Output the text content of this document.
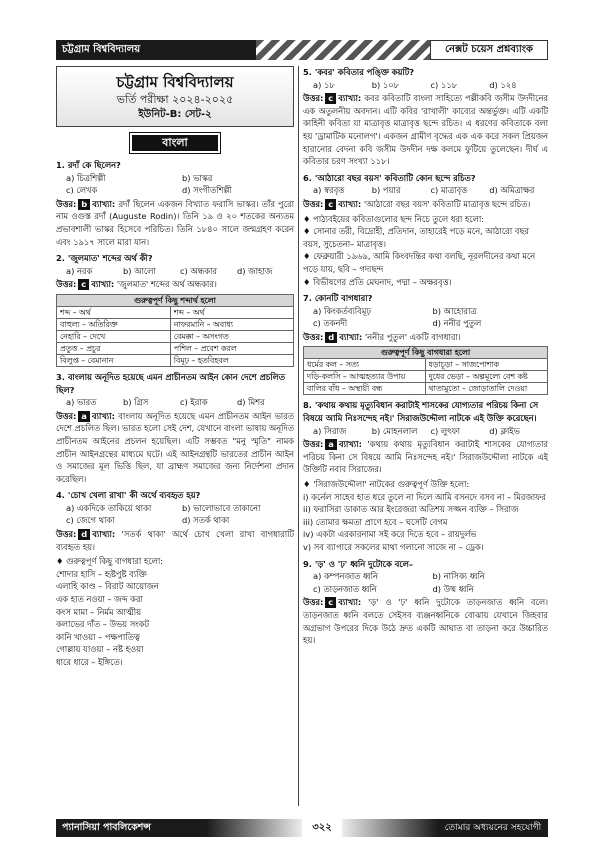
চট্টগ্রাম বিশ্ববিদ্যালয়	নেক্সট চয়েস প্রশ্নব্যাংক
চট্টগ্রাম বিশ্ববিদ্যালয়
ভর্তি পরীক্ষা ২০২৪-২০২৫
ইউনিট-B: সেট-২
বাংলা
1. রদাঁ কে ছিলেন?
a) চিত্রশিল্পী	b) ভাস্কর
c) লেখক	d) সংগীতশিল্পী
উত্তর: b ব্যাখ্যা: রদাঁ ছিলেন একজন বিখ্যাত ফরাসি ভাস্কর। তাঁর পুরো নাম ওগুস্ত রদাঁ (Auguste Rodin)। তিনি ১৯ ও ২০ শতকের অন্যতম প্রভাবশালী ভাস্কর হিসেবে পরিচিত। তিনি ১৮৪০ সালে জন্মগ্রহণ করেন এবং ১৯১৭ সালে মারা যান।
2. 'জুলমাত' শব্দের অর্থ কী?
a) নরক	b) আলো	c) অন্ধকার	d) জাহাজ
উত্তর: c ব্যাখ্যা: 'জুলমাত' শব্দের অর্থ অন্ধকার।
গুরুত্বপূর্ণ কিছু শব্দার্থ হলো	
শব্দ – অর্থ	শব্দ – অর্থ
বাহুল্য – অতিরিক্ত	নাফরমানি – অবাধ্য
নেহারি – দেখে	বেমক্কা – অসংগত
প্রতুত্ত – প্রচুর	পশিল – প্রবেশ করল
বিলুপ্ত – বেমানান	বিমূঢ় – হতবিহবল
3. বাংলায় অনূদিত হয়েছে এমন প্রাচীনতম আইন কোন দেশে প্রচলিত ছিল?
a) ভারত	b) গ্রিস	c) ইরাক	d) মিশর
উত্তর: a ব্যাখ্যা: বাংলায় অনূদিত হয়েছে এমন প্রাচীনতম আইন ভারত দেশে প্রচলিত ছিল। ভারত হলো সেই দেশ, যেখানে বাংলা ভাষায় অনূদিত প্রাচীনতম আইনের প্রচলন হয়েছিল। এটি সম্ভবত "মনু স্মৃতি" নামক প্রাচীন আইনগ্রন্থের মাধ্যমে ঘটে। এই আইনগ্রন্থটি ভারতের প্রাচীন আইন ও সমাজের মূল ভিত্তি ছিল, যা ব্রাহ্মণ সমাজের জন্য নির্দেশনা প্রদান করেছিল।
4. 'চোখ খেলা রাখা' কী অর্থে ব্যবহৃত হয়?
a) একদিকে তাকিয়ে থাকা	b) ভালোভাবে তাকানো
c) জেগে থাকা	d) সতর্ক থাকা
উত্তর: d ব্যাখ্যা: 'সতর্ক থাকা' অর্থে চোখ খেলা রাখা বাগধারাটি ব্যবহৃত হয়।
♦ গুরুত্বপূর্ণ কিছু বাগধারা হলো:
শোদার হাসি – হৃষ্টপুষ্ট ব্যক্তি
এলাহি কাণ্ড – বিরাট আয়োজন
এক হাত নওয়া – জব্দ করা
কংস মামা – নির্মম আত্মীয়
কলাভের দাঁত – উভয় সংকট
কানি খাওয়া – পক্ষপাতিত্ব
গোল্লায় যাওয়া – নষ্ট হওয়া
ধারে ধারে – ইঙ্গিতে।
5. 'কবর' কবিতার পঙ্ক্তি কয়টি?
a) ১৮	b) ১০৮	c) ১১৮	d) ১২৪
উত্তর: c ব্যাখ্যা: কবর কবিতাটি বাংলা সাহিত্যে পল্লীকবি জসীম উদদীনের এক অতুলনীয় অবদান। এটি কবির 'রাখালী' কাব্যের অন্তর্ভুক্ত। এটি একটি কাহিনী কবিতা যা মাত্রাবৃত্ত মাত্রাবৃত্ত ছন্দে রচিত। এ ধরণের কবিতাকে বলা হয় 'ড্রামাটিক মনোলগ'। একজন গ্রামীণ বৃদ্ধের এক এক করে সকল প্রিয়জন হারানোর বেদনা কবি জসীম উদদীন দক্ষ কলমে ফুটিয়ে তুলেছেন। দীর্ঘ এ কবিতার চরণ সংখ্যা ১১৮।
6. 'আঠারো বছর বয়স' কবিতাটি কোন ছন্দে রচিত?
a) স্বরবৃত্ত	b) পয়ার	c) মাত্রাবৃত্ত	d) অমিত্রাক্ষর
উত্তর: c ব্যাখ্যা: 'আঠারো বছর বয়স' কবিতাটি মাত্রাবৃত্ত ছন্দে রচিত।
♦ পাঠ্যবইয়ের কবিতাগুলোর ছন্দ নিচে তুলে ধরা হলো:
♦ সোনার তরী, বিদ্রোহী, প্রতিদান, তাহারেই পড়ে মনে, আঠারো বছর বয়স, সুচেতনা– মাত্রাবৃত্ত।
♦ ফেব্রুয়ারী ১৯৬৯, আমি কিংবদন্তির কথা বলছি, নূরলদীনের কথা মনে পড়ে যায়, ছবি – গদ্যছন্দ
♦ বিভীষণের প্রতি মেঘনাদ, পদ্মা – অক্ষরবৃত্ত।
7. কোনটি বাগধারা?
a) কিংকর্তব্যবিমূঢ়	b) আহোরাত্র
c) তকনদী	d) ননীর পুতুল
উত্তর: d ব্যাখ্যা: 'ননীর পুতুল' একটি বাগধারা।
গুরুত্বপূর্ণ কিছু বাগধারা হলো	
ধর্মের কল – সত্য	ধড়াচূড়া – সাজপোশাক
দড়ি-কলসি – আত্মহত্যার উপায়	দুধের ভেড়া – অল্পমূল্যে বেশ কষ্ট
বালির বাঁধ – অস্থায়ী বন্ধ	থাতামুতো – জোড়াতালি দেওয়া
8. 'কথায় কথায় মৃত্যুবিধান করাটাই শাসকের যোগ্যতার পরিচয় কিনা সে বিষয়ে আমি নিঃসন্দেহ নই।' সিরাজউদ্দৌলা নাটকে এই উক্তি করেছেন।
a) সিরাজ	b) মোহনলাল	c) লুৎফা	d) ক্লাইভ
উত্তর: a ব্যাখ্যা: 'কথায় কথায় মৃত্যুবিধান করাটাই শাসকের যোগ্যতার পরিচয় কিনা সে বিষয়ে আমি নিঃসন্দেহ নই।' সিরাজউদ্দৌলা নাটকে এই উক্তিটি নবাব সিরাজের।
♦ 'সিরাজউদ্দৌলা' নাটকের গুরুত্বপূর্ণ উক্তি হলো:
i) কর্নেল সাহেব হাত ধরে তুলে না দিলে আমি বসনদে বসব না – মিরজাফর
ii) ফরাসিরা ডাকাত আর ইংরেজরা অতিশয় সজ্জন ব্যক্তি – সিরাজ
iii) তোমার ক্ষমতা প্রাণে হবে – ঘসেটি বেগম
iv) একটা এরকারনামা সই করে দিতে হবে – রায়দুর্লভ
v) সব ব্যাপারে সকলের মাথা গলানো সাজে না – ড্রেক।
9. 'ড়' ও 'ঢ়' ধ্বনি দুটোকে বলে–
a) কম্পনজাত ধ্বনি	b) নাসিক্য ধ্বনি
c) তাড়নজাত ধ্বনি	d) উষ্ম ধ্বনি
উত্তর: c ব্যাখ্যা: 'ড়' ও 'ঢ়' ধ্বনি দুটোকে তাড়নজাত ধ্বনি বলে। তাড়নজাত ধ্বনি বলতে সেইসব ব্যঞ্জনধ্বনিকে বোঝায় যেখানে জিহবার অগ্রভাগ উপরের দিকে উঠে দ্রুত একটি আঘাত বা তাড়না করে উচ্চারিত হয়।
প্যানাসিয়া পাবলিকেশন্স	৩২২	তোমার অধ্যয়নের সহযোগী
